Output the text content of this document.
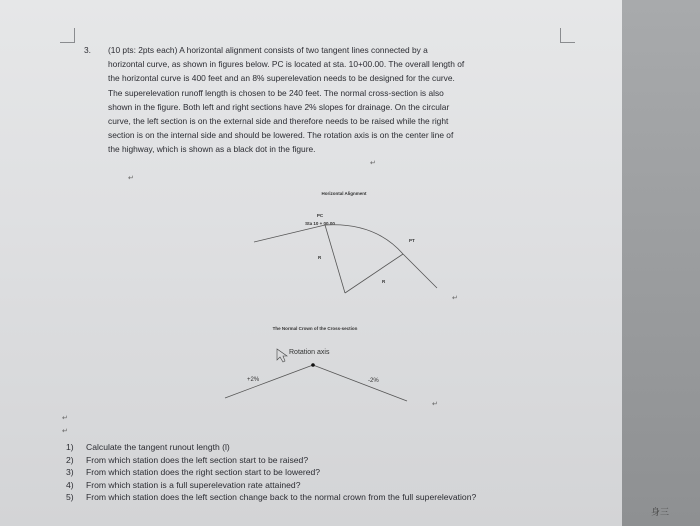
3. (10 pts: 2pts each) A horizontal alignment consists of two tangent lines connected by a
horizontal curve, as shown in figures below. PC is located at sta. 10+00.00. The overall length of
the horizontal curve is 400 feet and an 8% superelevation needs to be designed for the curve.
The superelevation runoff length is chosen to be 240 feet. The normal cross-section is also
shown in the figure. Both left and right sections have 2% slopes for drainage. On the circular
curve, the left section is on the external side and therefore needs to be raised while the right
section is on the internal side and should be lowered. The rotation axis is on the center line of
the highway, which is shown as a black dot in the figure.
Horizontal Alignment
PC
Sta 10 + 00.00
PT
R
R
The Normal Crown of the Cross-section
Rotation axis
+2%	-2%
↵
↵
↵
↵
↵
↵
1)	Calculate the tangent runout length (l)
2)	From which station does the left section start to be raised?
3)	From which station does the right section start to be lowered?
4)	From which station is a full superelevation rate attained?
5)	From which station does the left section change back to the normal crown from the full superelevation?
身三
